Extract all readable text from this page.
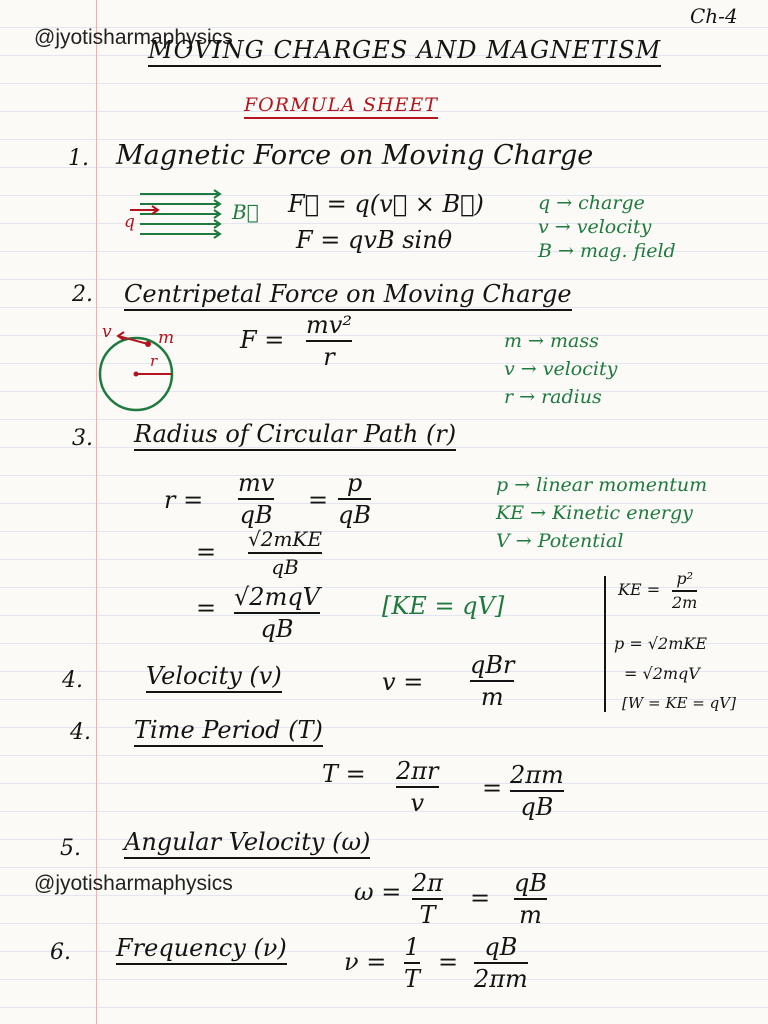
Ch-4
@jyotisharmaphysics
MOVING CHARGES AND MAGNETISM
FORMULA SHEET
1. Magnetic Force on Moving Charge
q	B⃗ F⃗ = q(v⃗ × B⃗)
F = qvB sinθ
q → charge
v → velocity
B → mag. field
2. Centripetal Force on Moving Charge
v	m
r
F =
mv²
r
m → mass
v → velocity
r → radius
3. Radius of Circular Path (r)
r =
mv
qB
=
p
qB
= √2mKE
qB
= √2mqV
qB
[KE = qV]
p → linear momentum
KE → Kinetic energy
V → Potential
KE =
p²
2m
p = √2mKE
= √2mqV
[W = KE = qV]
4.	Velocity (v)	v =
qBr
m
4. Time Period (T)
T = 2πr
v
= 2πm
qB
5. Angular Velocity (ω)
@jyotisharmaphysics	ω = 2π
T
=
qB
m
6. Frequency (ν) ν =
1
T
=
qB
2πm
